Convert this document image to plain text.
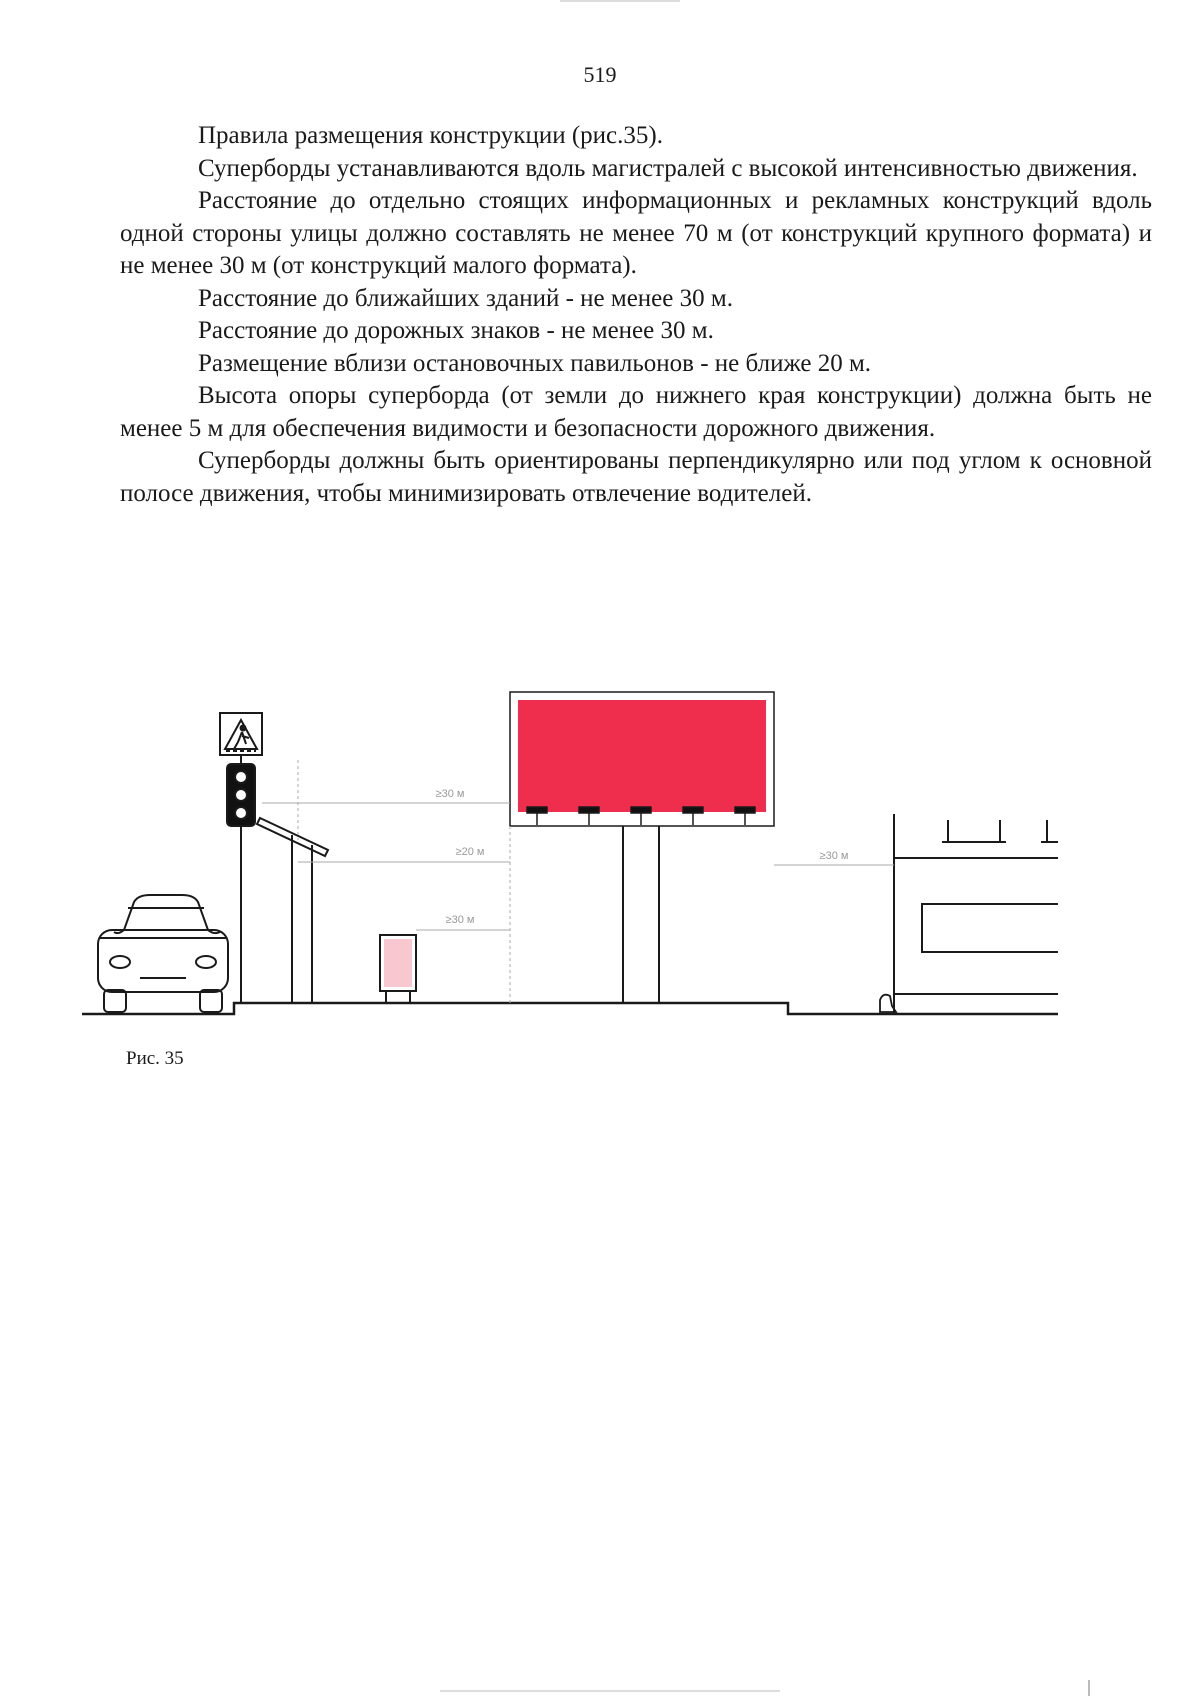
519

Правила размещения конструкции (рис.35).

Суперборды устанавливаются вдоль магистралей с высокой интенсивностью движения.

Расстояние до отдельно стоящих информационных и рекламных конструкций вдоль одной стороны улицы должно составлять не менее 70 м (от конструкций крупного формата) и не менее 30 м (от конструкций малого формата).

Расстояние до ближайших зданий - не менее 30 м.

Расстояние до дорожных знаков - не менее 30 м.

Размещение вблизи остановочных павильонов - не ближе 20 м.

Высота опоры суперборда (от земли до нижнего края конструкции) должна быть не менее 5 м для обеспечения видимости и безопасности дорожного движения.

Суперборды должны быть ориентированы перпендикулярно или под углом к основной полосе движения, чтобы минимизировать отвлечение водителей.

≥30 м
≥20 м
≥30 м
≥30 м
Рис. 35
